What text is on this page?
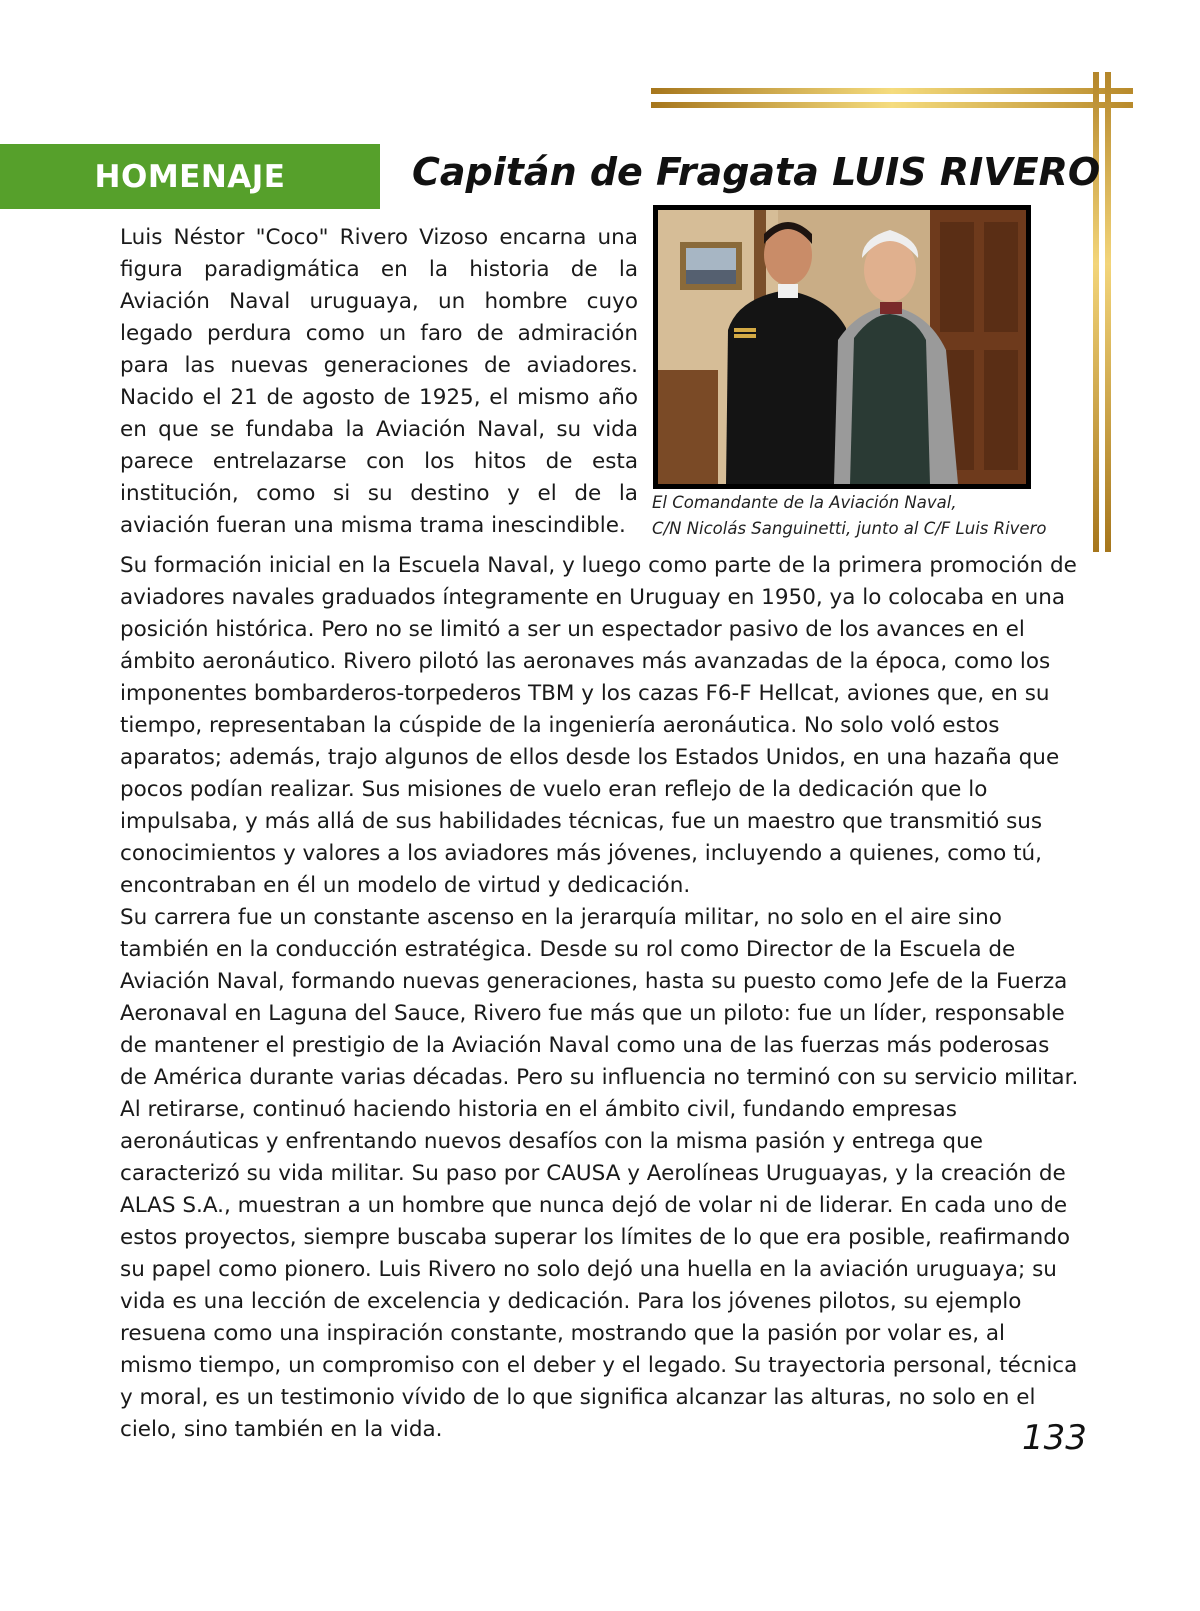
HOMENAJE	Capitán de Fragata LUIS RIVERO

Luis Néstor "Coco" Rivero Vizoso encarna una figura paradigmática en la historia de la Aviación Naval uruguaya, un hombre cuyo legado perdura como un faro de admiración para las nuevas generaciones de aviadores. Nacido el 21 de agosto de 1925, el mismo año en que se fundaba la Aviación Naval, su vida parece entrelazarse con los hitos de esta institución, como si su destino y el de la aviación fueran una misma trama inescindible.

El Comandante de la Aviación Naval,
C/N Nicolás Sanguinetti, junto al C/F Luis Rivero

Su formación inicial en la Escuela Naval, y luego como parte de la primera promoción de aviadores navales graduados íntegramente en Uruguay en 1950, ya lo colocaba en una posición histórica. Pero no se limitó a ser un espectador pasivo de los avances en el ámbito aeronáutico. Rivero pilotó las aeronaves más avanzadas de la época, como los imponentes bombarderos-torpederos TBM y los cazas F6-F Hellcat, aviones que, en su tiempo, representaban la cúspide de la ingeniería aeronáutica. No solo voló estos aparatos; además, trajo algunos de ellos desde los Estados Unidos, en una hazaña que pocos podían realizar. Sus misiones de vuelo eran reflejo de la dedicación que lo impulsaba, y más allá de sus habilidades técnicas, fue un maestro que transmitió sus conocimientos y valores a los aviadores más jóvenes, incluyendo a quienes, como tú, encontraban en él un modelo de virtud y dedicación.

Su carrera fue un constante ascenso en la jerarquía militar, no solo en el aire sino también en la conducción estratégica. Desde su rol como Director de la Escuela de Aviación Naval, formando nuevas generaciones, hasta su puesto como Jefe de la Fuerza Aeronaval en Laguna del Sauce, Rivero fue más que un piloto: fue un líder, responsable de mantener el prestigio de la Aviación Naval como una de las fuerzas más poderosas de América durante varias décadas. Pero su influencia no terminó con su servicio militar. Al retirarse, continuó haciendo historia en el ámbito civil, fundando empresas aeronáuticas y enfrentando nuevos desafíos con la misma pasión y entrega que caracterizó su vida militar. Su paso por CAUSA y Aerolíneas Uruguayas, y la creación de ALAS S.A., muestran a un hombre que nunca dejó de volar ni de liderar. En cada uno de estos proyectos, siempre buscaba superar los límites de lo que era posible, reafirmando su papel como pionero. Luis Rivero no solo dejó una huella en la aviación uruguaya; su vida es una lección de excelencia y dedicación. Para los jóvenes pilotos, su ejemplo resuena como una inspiración constante, mostrando que la pasión por volar es, al mismo tiempo, un compromiso con el deber y el legado. Su trayectoria personal, técnica y moral, es un testimonio vívido de lo que significa alcanzar las alturas, no solo en el cielo, sino también en la vida.	133
